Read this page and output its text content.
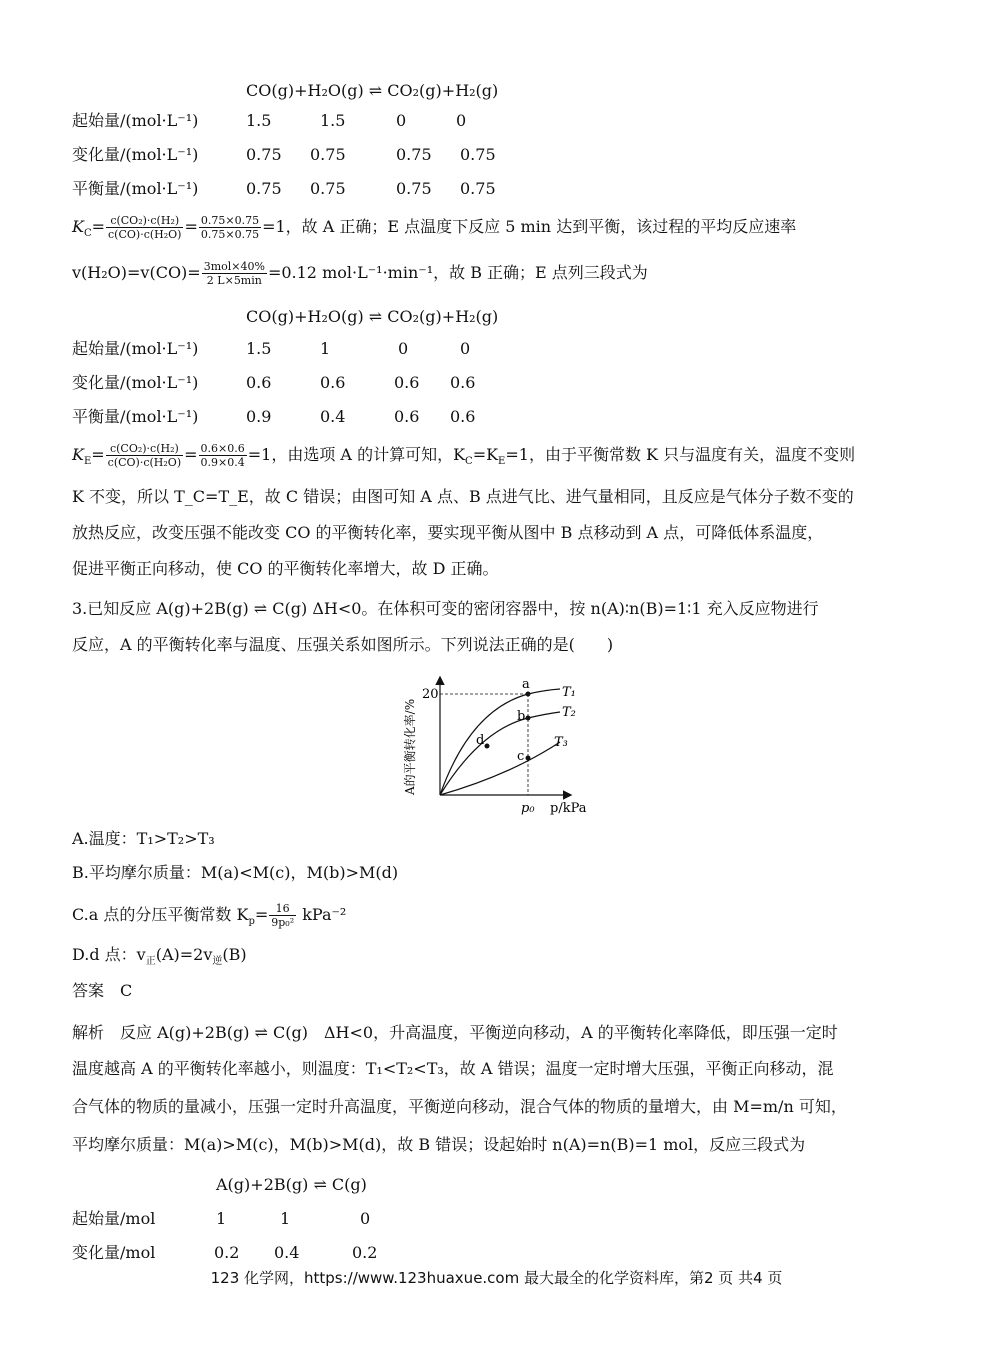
CO(g)+H₂O(g) ⇌ CO₂(g)+H₂(g)
起始量/(mol·L⁻¹)	1.5	1.5	0	0
变化量/(mol·L⁻¹)	0.75 0.75	0.75 0.75
平衡量/(mol·L⁻¹)	0.75 0.75	0.75 0.75
$K_C= \frac{\text{c(CO₂)·c(H₂)}}{\text{c(CO)·c(H₂O)}} = \frac{0.75\times 0.75}{0.75\times 0.75} =1$，故 A 正确；E 点温度下反应 5 min 达到平衡，该过程的平均反应速率
$v(H_2O)=v(CO)= \frac{\text{3mol×40\%}}{2 L\times 5\min} =0.12$ mol·L⁻¹·min⁻¹，故 B 正确；E 点列三段式为
CO(g)+H₂O(g) ⇌ CO₂(g)+H₂(g)
起始量/(mol·L⁻¹)	1.5	1	0	0
变化量/(mol·L⁻¹)	0.6	0.6	0.6 0.6
平衡量/(mol·L⁻¹)	0.9	0.4	0.6 0.6
$K_E= \frac{\text{c(CO₂)·c(H₂)}}{\text{c(CO)·c(H₂O)}} = \frac{0.6\times 0.6}{0.9\times 0.4} =1$，由选项 A 的计算可知，$K_C=K_E=1$，由于平衡常数 K 只与温度有关，温度不变则
K 不变，所以 T_C=T_E，故 C 错误；由图可知 A 点、B 点进气比、进气量相同，且反应是气体分子数不变的
放热反应，改变压强不能改变 CO 的平衡转化率，要实现平衡从图中 B 点移动到 A 点，可降低体系温度，
促进平衡正向移动，使 CO 的平衡转化率增大，故 D 正确。
3.已知反应 A(g)+2B(g) ⇌ C(g) ΔH<0。在体积可变的密闭容器中，按 n(A)∶n(B)=1∶1 充入反应物进行
反应，A 的平衡转化率与温度、压强关系如图所示。下列说法正确的是(　　)
20
a
b
c
d
T₁
T₂
T₃
p₀ p/kPa
A的平衡转化率/%
A.温度：T₁>T₂>T₃
B.平均摩尔质量：M(a)<M(c)，M(b)>M(d)
C.a 点的分压平衡常数 $K_p= \frac{16}{\text{9p₀²}} kPa^{-2}$
D.d 点：$v_正(A)=2v_逆(B)$
答案　C
解析　反应 A(g)+2B(g) ⇌ C(g)　ΔH<0，升高温度，平衡逆向移动，A 的平衡转化率降低，即压强一定时
温度越高 A 的平衡转化率越小，则温度：T₁<T₂<T₃，故 A 错误；温度一定时增大压强，平衡正向移动，混
合气体的物质的量减小，压强一定时升高温度，平衡逆向移动，混合气体的物质的量增大，由 M=m/n 可知，
平均摩尔质量：M(a)>M(c)，M(b)>M(d)，故 B 错误；设起始时 n(A)=n(B)=1 mol，反应三段式为
A(g)+2B(g) ⇌ C(g)
起始量/mol	1	1	0
变化量/mol	0.2 0.4	0.2
123 化学网，https://www.123huaxue.com 最大最全的化学资料库，第2 页 共4 页
